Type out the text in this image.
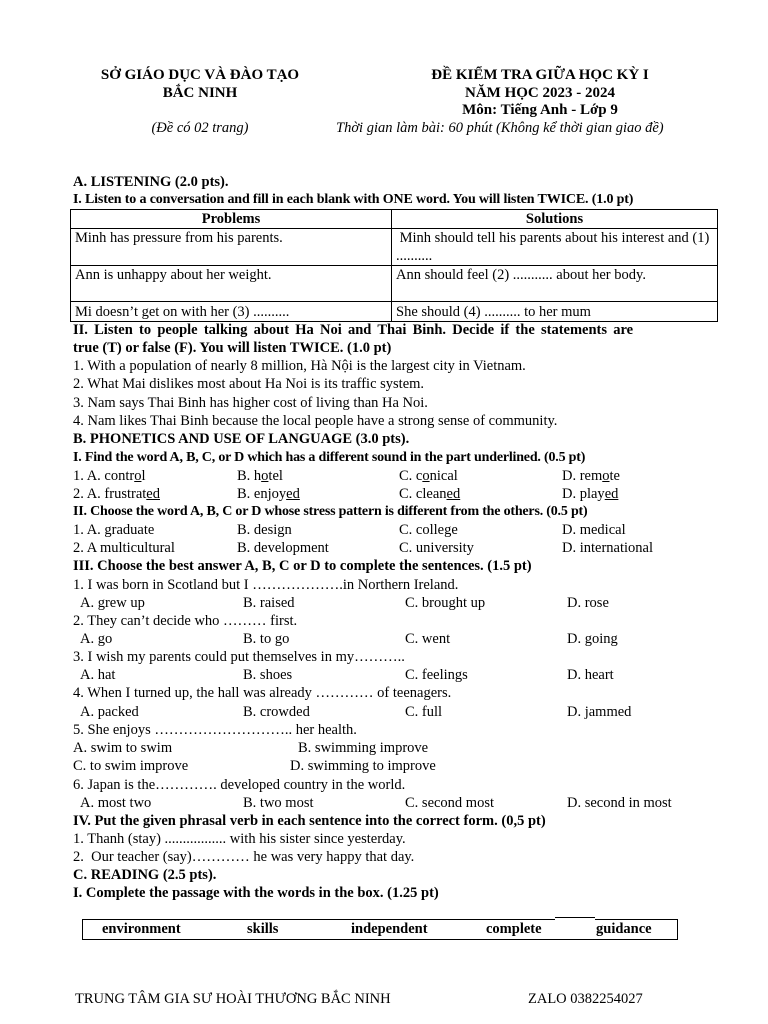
SỞ GIÁO DỤC VÀ ĐÀO TẠO
BẮC NINH
(Đề có 02 trang)
ĐỀ KIỂM TRA GIỮA HỌC KỲ I
NĂM HỌC 2023 - 2024
Môn: Tiếng Anh - Lớp 9
Thời gian làm bài: 60 phút (Không kể thời gian giao đề)
A. LISTENING (2.0 pts).
I. Listen to a conversation and fill in each blank with ONE word. You will listen TWICE. (1.0 pt)
Problems	Solutions
Minh has pressure from his parents.	Minh should tell his parents about his interest and (1) ..........
Ann is unhappy about her weight.	Ann should feel (2) ........... about her body.
Mi doesn’t get on with her (3) ..........	She should (4) .......... to her mum
II. Listen to people talking about Ha Noi and Thai Binh. Decide if the statements are
true (T) or false (F). You will listen TWICE. (1.0 pt)
1. With a population of nearly 8 million, Hà Nội is the largest city in Vietnam.
2. What Mai dislikes most about Ha Noi is its traffic system.
3. Nam says Thai Binh has higher cost of living than Ha Noi.
4. Nam likes Thai Binh because the local people have a strong sense of community.
B. PHONETICS AND USE OF LANGUAGE (3.0 pts).
I. Find the word A, B, C, or D which has a different sound in the part underlined. (0.5 pt)
1. A. control	B. hotel	C. conical	D. remote
2. A. frustrated	B. enjoyed	C. cleaned	D. played
II. Choose the word A, B, C or D whose stress pattern is different from the others. (0.5 pt)
1. A. graduate	B. design	C. college	D. medical
2. A multicultural	B. development	C. university	D. international
III. Choose the best answer A, B, C or D to complete the sentences. (1.5 pt)
1. I was born in Scotland but I ……………….in Northern Ireland.
A. grew up	B. raised	C. brought up	D. rose
2. They can’t decide who ……… first.
A. go	B. to go	C. went	D. going
3. I wish my parents could put themselves in my………..
A. hat	B. shoes	C. feelings	D. heart
4. When I turned up, the hall was already ………… of teenagers.
A. packed	B. crowded	C. full	D. jammed
5. She enjoys ……………………….. her health.
A. swim to swim	B. swimming improve
C. to swim improve	D. swimming to improve
6. Japan is the…………. developed country in the world.
A. most two	B. two most	C. second most	D. second in most
IV. Put the given phrasal verb in each sentence into the correct form. (0,5 pt)
1. Thanh (stay) ................. with his sister since yesterday.
2.  Our teacher (say)………… he was very happy that day.
C. READING (2.5 pts).
I. Complete the passage with the words in the box. (1.25 pt)
environment	skills	independent	complete	guidance
TRUNG TÂM GIA SƯ HOÀI THƯƠNG BẮC NINH	ZALO 0382254027
